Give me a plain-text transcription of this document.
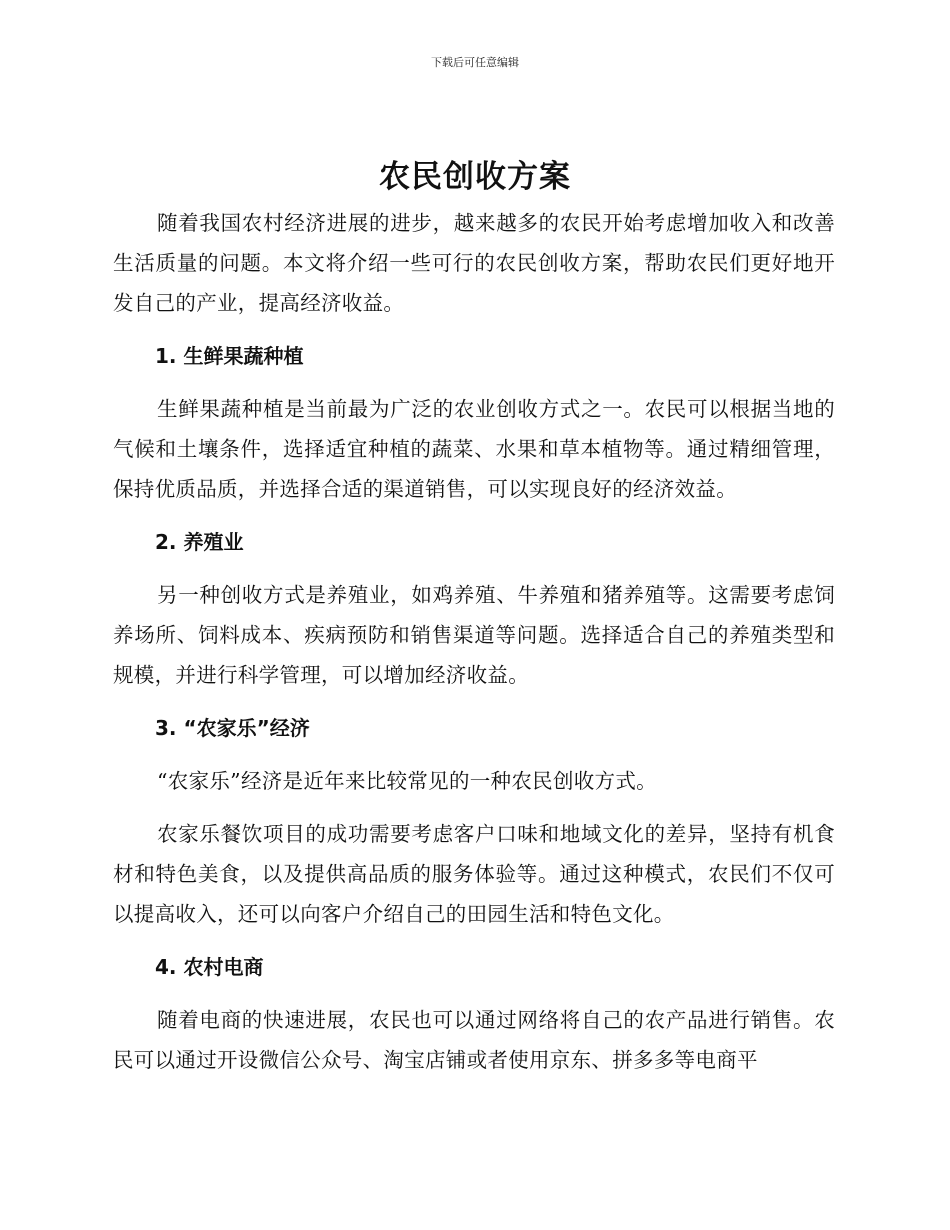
下载后可任意编辑
农民创收方案

随着我国农村经济进展的进步，越来越多的农民开始考虑增加收入和改善生活质量的问题。本文将介绍一些可行的农民创收方案，帮助农民们更好地开发自己的产业，提高经济收益。

1. 生鲜果蔬种植

生鲜果蔬种植是当前最为广泛的农业创收方式之一。农民可以根据当地的气候和土壤条件，选择适宜种植的蔬菜、水果和草本植物等。通过精细管理，保持优质品质，并选择合适的渠道销售，可以实现良好的经济效益。

2. 养殖业

另一种创收方式是养殖业，如鸡养殖、牛养殖和猪养殖等。这需要考虑饲养场所、饲料成本、疾病预防和销售渠道等问题。选择适合自己的养殖类型和规模，并进行科学管理，可以增加经济收益。

3. “农家乐”经济

“农家乐”经济是近年来比较常见的一种农民创收方式。

农家乐餐饮项目的成功需要考虑客户口味和地域文化的差异，坚持有机食材和特色美食，以及提供高品质的服务体验等。通过这种模式，农民们不仅可以提高收入，还可以向客户介绍自己的田园生活和特色文化。

4. 农村电商

随着电商的快速进展，农民也可以通过网络将自己的农产品进行销售。农民可以通过开设微信公众号、淘宝店铺或者使用京东、拼多多等电商平
